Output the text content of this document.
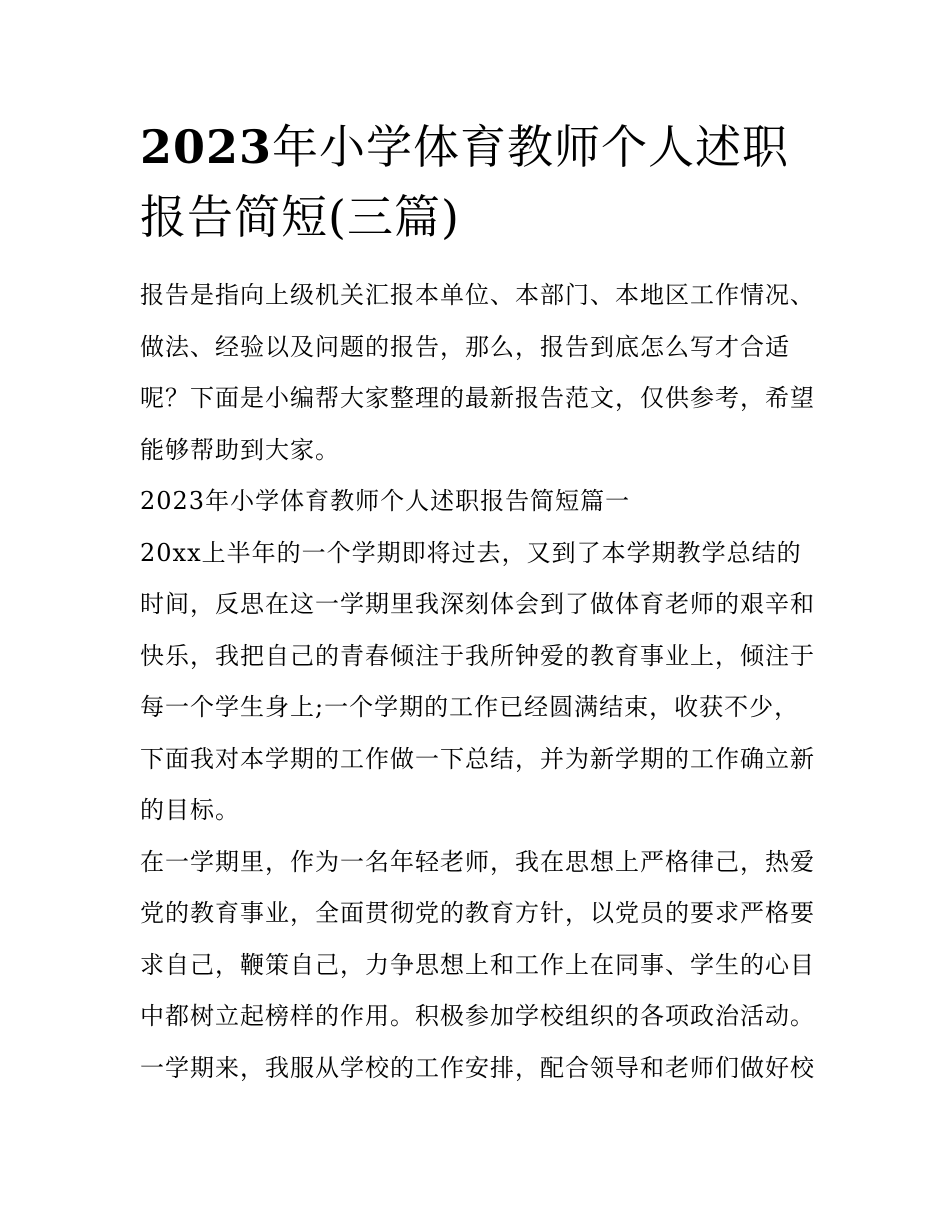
2023年小学体育教师个人述职报告简短(三篇)

报告是指向上级机关汇报本单位、本部门、本地区工作情况、做法、经验以及问题的报告，那么，报告到底怎么写才合适呢？下面是小编帮大家整理的最新报告范文，仅供参考，希望能够帮助到大家。

2023年小学体育教师个人述职报告简短篇一

20xx上半年的一个学期即将过去，又到了本学期教学总结的时间，反思在这一学期里我深刻体会到了做体育老师的艰辛和快乐，我把自己的青春倾注于我所钟爱的教育事业上，倾注于每一个学生身上;一个学期的工作已经圆满结束，收获不少，下面我对本学期的工作做一下总结，并为新学期的工作确立新的目标。

在一学期里，作为一名年轻老师，我在思想上严格律己，热爱党的教育事业，全面贯彻党的教育方针，以党员的要求严格要求自己，鞭策自己，力争思想上和工作上在同事、学生的心目中都树立起榜样的作用。积极参加学校组织的各项政治活动。

一学期来，我服从学校的工作安排，配合领导和老师们做好校
